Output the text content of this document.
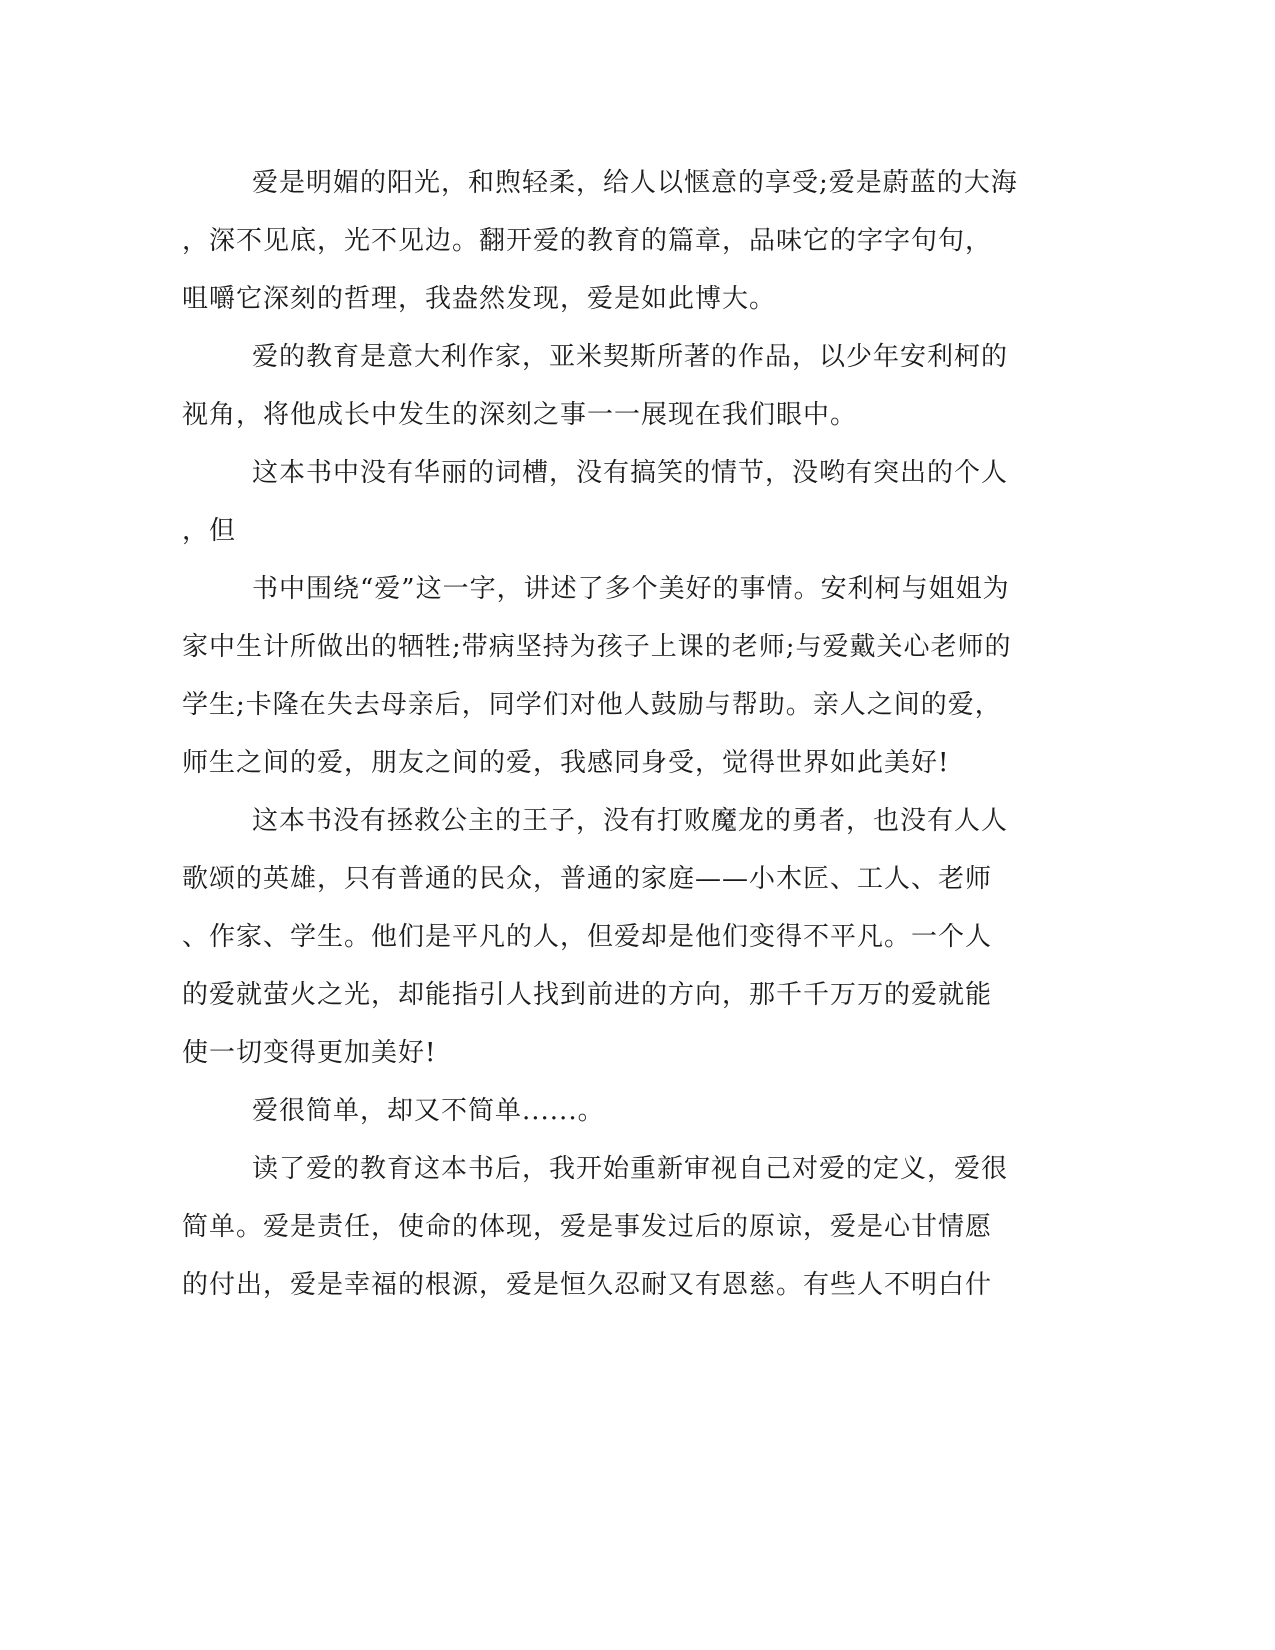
爱是明媚的阳光，和煦轻柔，给人以惬意的享受;爱是蔚蓝的大海
，深不见底，光不见边。翻开爱的教育的篇章，品味它的字字句句，
咀嚼它深刻的哲理，我盎然发现，爱是如此博大。
爱的教育是意大利作家，亚米契斯所著的作品，以少年安利柯的
视角，将他成长中发生的深刻之事一一展现在我们眼中。
这本书中没有华丽的词槽，没有搞笑的情节，没哟有突出的个人
，但
书中围绕“爱”这一字，讲述了多个美好的事情。安利柯与姐姐为
家中生计所做出的牺牲;带病坚持为孩子上课的老师;与爱戴关心老师的
学生;卡隆在失去母亲后，同学们对他人鼓励与帮助。亲人之间的爱，
师生之间的爱，朋友之间的爱，我感同身受，觉得世界如此美好!
这本书没有拯救公主的王子，没有打败魔龙的勇者，也没有人人
歌颂的英雄，只有普通的民众，普通的家庭——小木匠、工人、老师
、作家、学生。他们是平凡的人，但爱却是他们变得不平凡。一个人
的爱就萤火之光，却能指引人找到前进的方向，那千千万万的爱就能
使一切变得更加美好!
爱很简单，却又不简单......。
读了爱的教育这本书后，我开始重新审视自己对爱的定义，爱很
简单。爱是责任，使命的体现，爱是事发过后的原谅，爱是心甘情愿
的付出，爱是幸福的根源，爱是恒久忍耐又有恩慈。有些人不明白什
